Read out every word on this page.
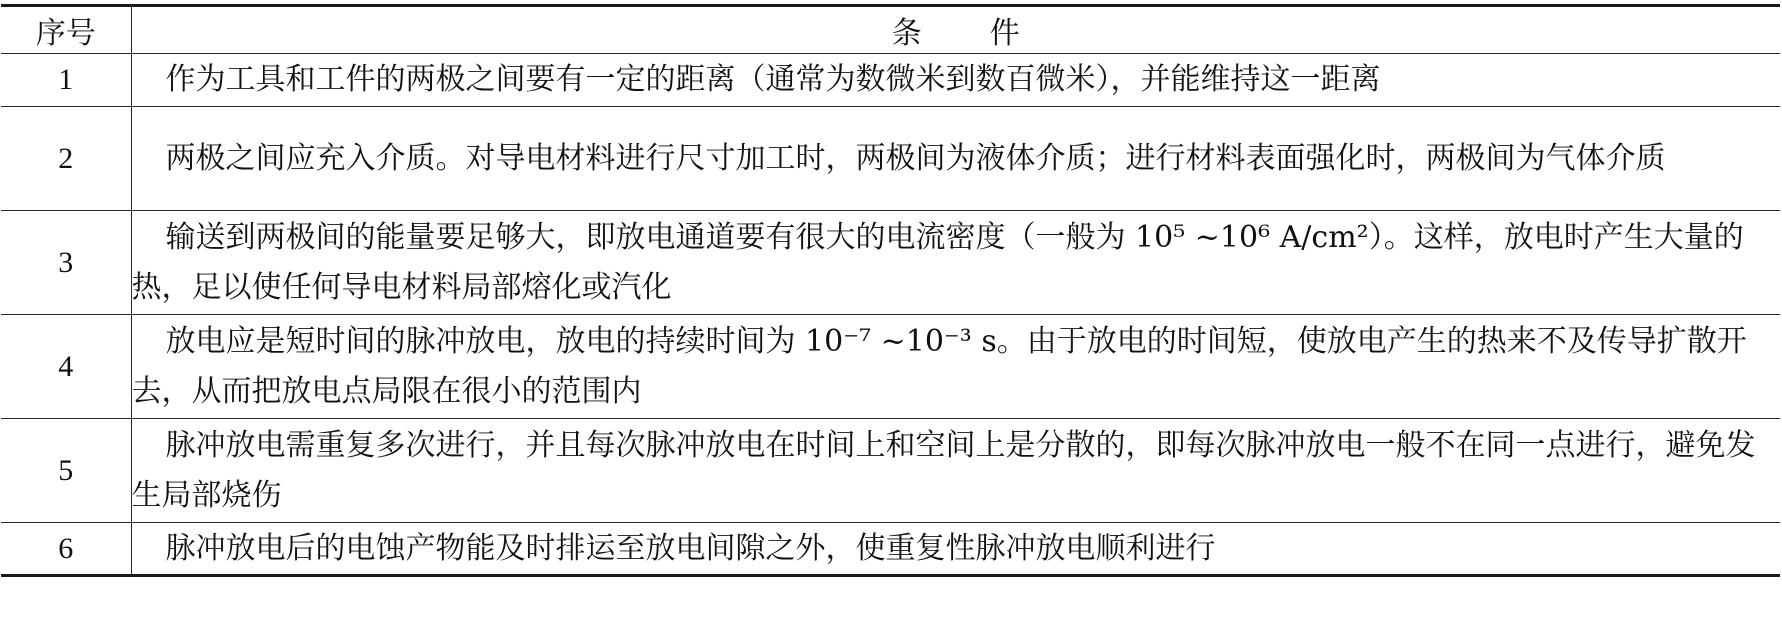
序号	条件
1	作为工具和工件的两极之间要有一定的距离（通常为数微米到数百微米），并能维持这一距离
2	两极之间应充入介质。对导电材料进行尺寸加工时，两极间为液体介质；进行材料表面强化时，两极间为气体介质
3	输送到两极间的能量要足够大，即放电通道要有很大的电流密度（一般为 10⁵ ~10⁶ A/cm²）。这样，放电时产生大量的热，足以使任何导电材料局部熔化或汽化
4	放电应是短时间的脉冲放电，放电的持续时间为 10⁻⁷ ~10⁻³ s。由于放电的时间短，使放电产生的热来不及传导扩散开去，从而把放电点局限在很小的范围内
5	脉冲放电需重复多次进行，并且每次脉冲放电在时间上和空间上是分散的，即每次脉冲放电一般不在同一点进行，避免发生局部烧伤
6	脉冲放电后的电蚀产物能及时排运至放电间隙之外，使重复性脉冲放电顺利进行
